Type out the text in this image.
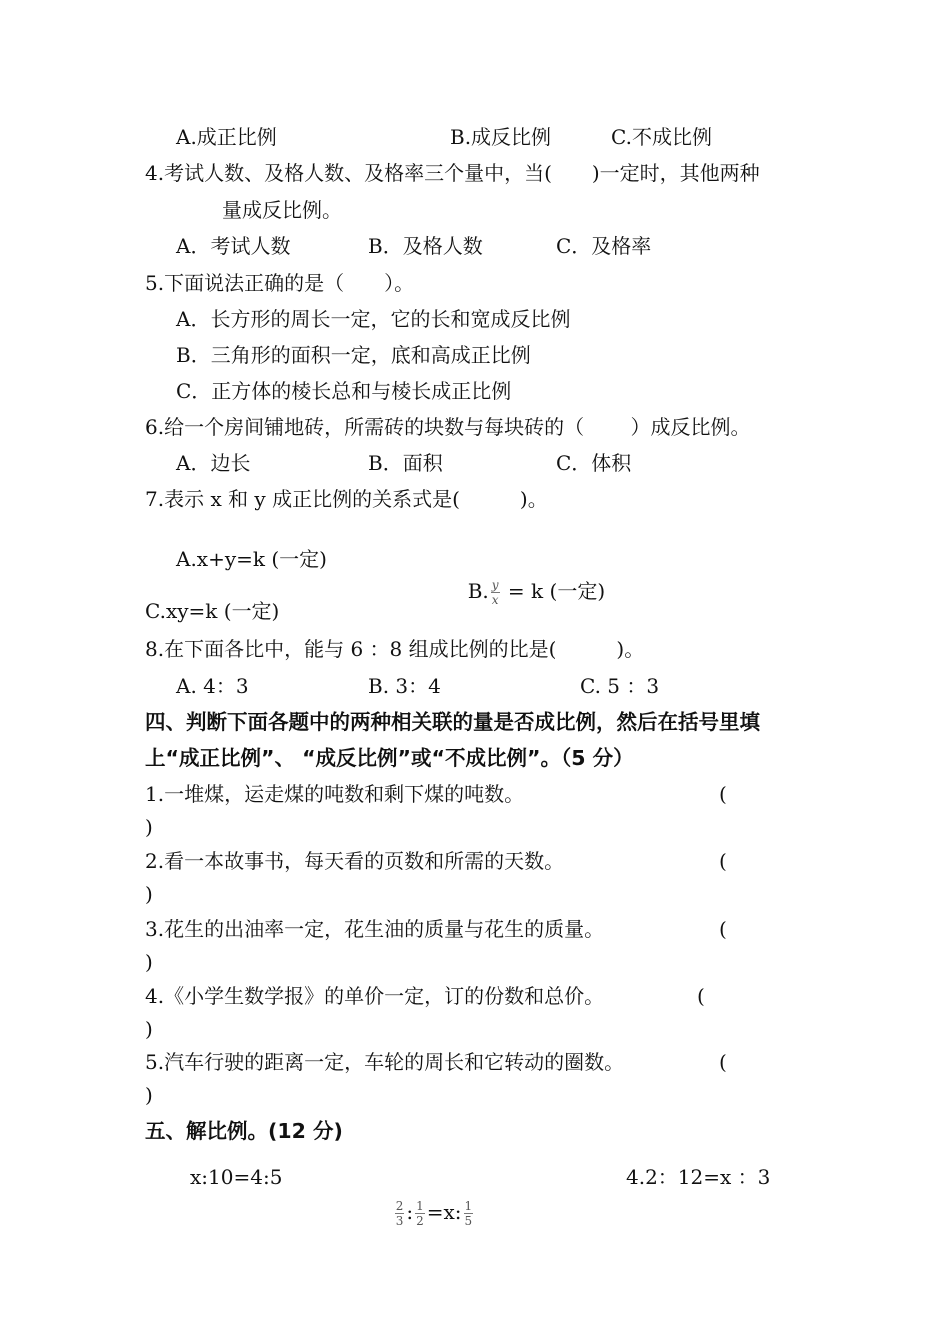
A.成正比例	B.成反比例	C.不成比例
4.考试人数、及格人数、及格率三个量中，当(　　)一定时，其他两种
量成反比例。
A．考试人数	B．及格人数	C．及格率
5.下面说法正确的是（　　）。
A．长方形的周长一定，它的长和宽成反比例
B．三角形的面积一定，底和高成正比例
C．正方体的棱长总和与棱长成正比例
6.给一个房间铺地砖，所需砖的块数与每块砖的（　　 ）成反比例。
A．边长	B．面积	C．体积
7.表示 x 和 y 成正比例的关系式是(　　　)。
A.x+y=k (一定)

B. $\frac{y}{x} = k$ (一定)

C.xy=k (一定)
8.在下面各比中，能与 6 ：8 组成比例的比是(　　　)。
A. 4：3	B. 3：4	C. 5 ：3
四、判断下面各题中的两种相关联的量是否成比例，然后在括号里填
上“成正比例”、 “成反比例”或“不成比例”。（5 分）
1.一堆煤，运走煤的吨数和剩下煤的吨数。	(
)
2.看一本故事书，每天看的页数和所需的天数。	(
)
3.花生的出油率一定，花生油的质量与花生的质量。	(
)
4.《小学生数学报》的单价一定，订的份数和总价。	(
)
5.汽车行驶的距离一定，车轮的周长和它转动的圈数。	(
)
五、解比例。(12 分)
x:10=4:5

$\frac{2}{3}$ : $\frac{1}{2} =x$: $\frac{1}{5}$

4.2：12=x ：3
